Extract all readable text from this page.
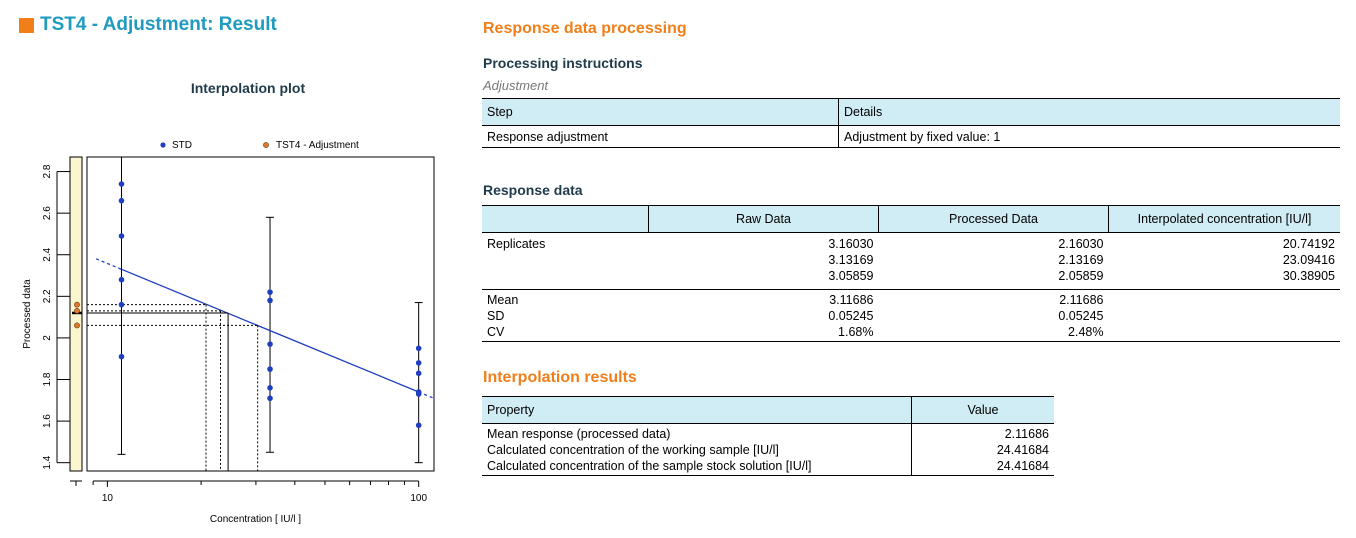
TST4 - Adjustment: Result
Interpolation plot
STD	TST4 - Adjustment
1.4
1.6
1.8
2
2.2
2.4
2.6
2.8
Processed data
10	100
Concentration [ IU/l ]
Response data processing
Processing instructions
Adjustment
Step	Details
Response adjustment	Adjustment by fixed value: 1
Response data
	Raw Data	Processed Data	Interpolated concentration [IU/l]
Replicates	3.16030	2.16030	20.74192
	3.13169	2.13169	23.09416
	3.05859	2.05859	30.38905
Mean	3.11686	2.11686	
SD	0.05245	0.05245	
CV	1.68%	2.48%	
Interpolation results
Property	Value
Mean response (processed data)	2.11686
Calculated concentration of the working sample [IU/l]	24.41684
Calculated concentration of the sample stock solution [IU/l]	24.41684
